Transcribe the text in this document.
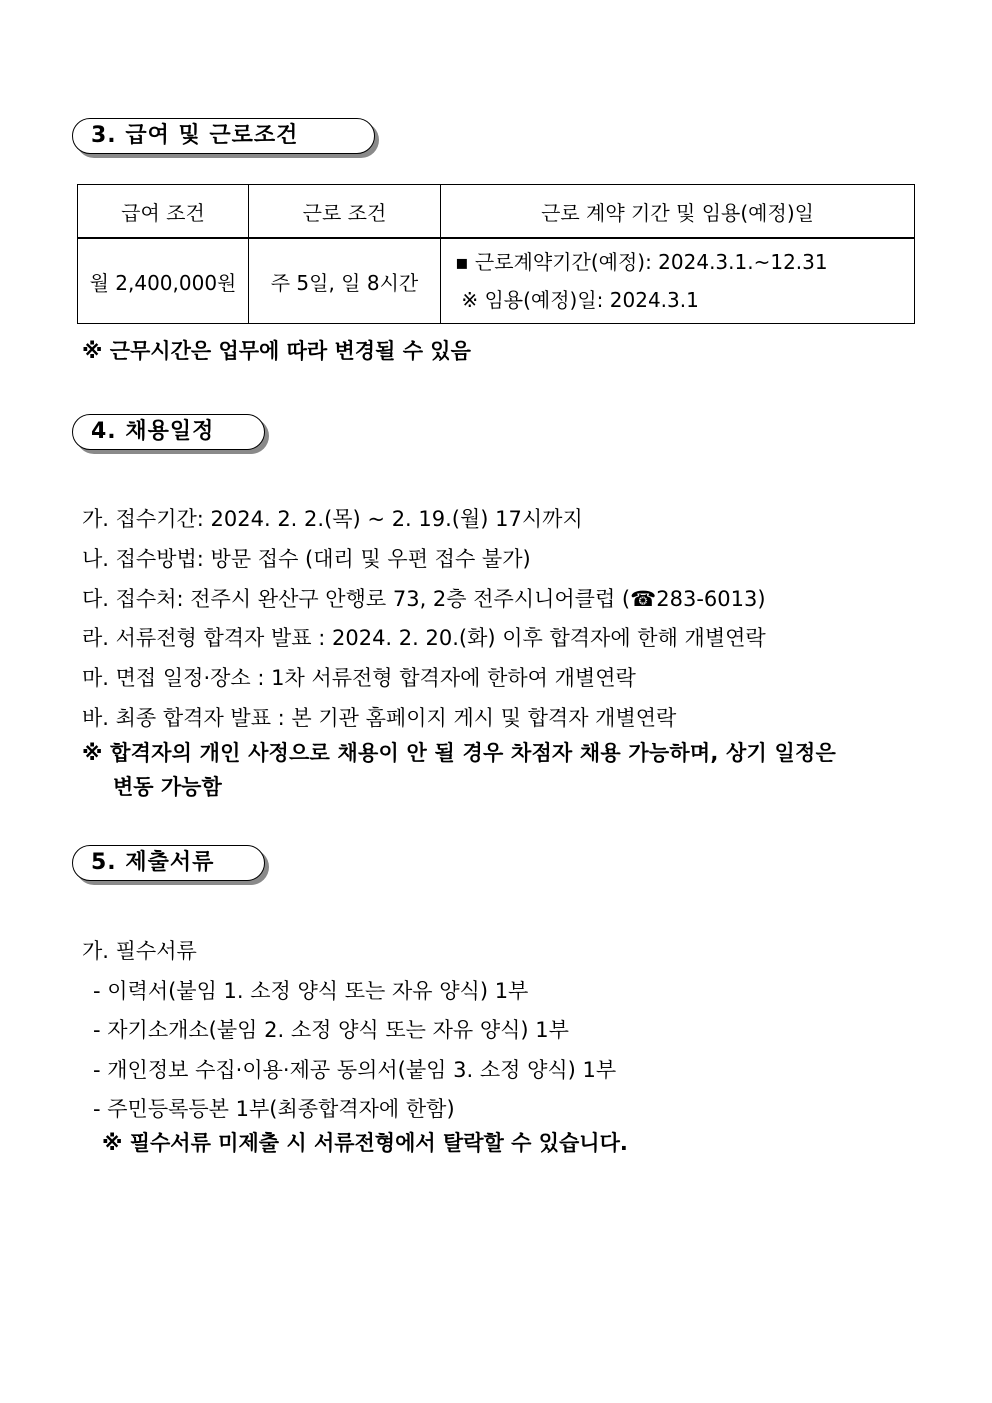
3. 급여 및 근로조건
급여 조건	근로 조건	근로 계약 기간 및 임용(예정)일

월 2,400,000원	주 5일, 일 8시간	▪ 근로계약기간(예정): 2024.3.1.~12.31
※ 임용(예정)일: 2024.3.1
※ 근무시간은 업무에 따라 변경될 수 있음
4. 채용일정
가. 접수기간: 2024. 2. 2.(목) ~ 2. 19.(월) 17시까지
나. 접수방법: 방문 접수 (대리 및 우편 접수 불가)
다. 접수처: 전주시 완산구 안행로 73, 2층 전주시니어클럽 (☎283-6013)
라. 서류전형 합격자 발표 : 2024. 2. 20.(화) 이후 합격자에 한해 개별연락
마. 면접 일정·장소 : 1차 서류전형 합격자에 한하여 개별연락
바. 최종 합격자 발표 : 본 기관 홈페이지 게시 및 합격자 개별연락
※ 합격자의 개인 사정으로 채용이 안 될 경우 차점자 채용 가능하며, 상기 일정은
변동 가능함
5. 제출서류
가. 필수서류
- 이력서(붙임 1. 소정 양식 또는 자유 양식) 1부
- 자기소개소(붙임 2. 소정 양식 또는 자유 양식) 1부
- 개인정보 수집·이용·제공 동의서(붙임 3. 소정 양식) 1부
- 주민등록등본 1부(최종합격자에 한함)
※ 필수서류 미제출 시 서류전형에서 탈락할 수 있습니다.
